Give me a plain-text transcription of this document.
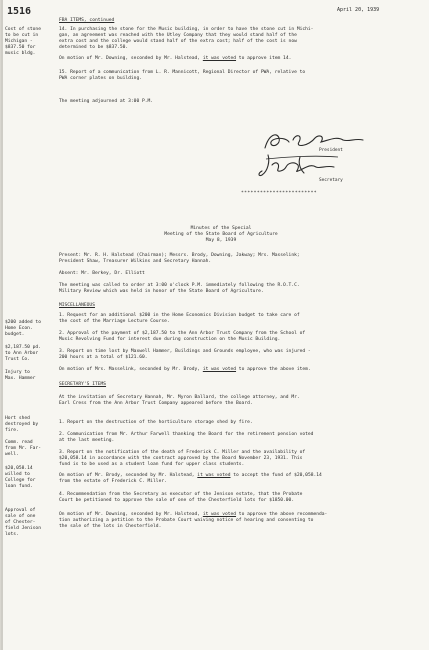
1516	April 20, 1939
FBA ITEMS, continued
Cost of stone
to be cut in
Michigan -
$837.50 for
music bldg.
14. In purchasing the stone for the Music building, in order to have the stone cut in Michi-
gan, an agreement was reached with the Utley Company that they would stand half of the
extra cost and the college would stand half of the extra cost; half of the cost is now
determined to be $837.50.
On motion of Mr. Downing, seconded by Mr. Halstead, it was voted to approve item 14.
15. Report of a communication from L. R. Mannicott, Regional Director of PWA, relative to
PWA corner plates on building.
The meeting adjourned at 3:00 P.M.
President
Secretary
************************
Minutes of the Special
Meeting of the State Board of Agriculture
May 8, 1939
Present: Mr. R. H. Halstead (Chairman); Messrs. Brody, Downing, Jakway; Mrs. Masselink;
President Shaw, Treasurer Wilkins and Secretary Hannah.
Absent: Mr. Berkey, Dr. Elliott
The meeting was called to order at 3:00 o'clock P.M. immediately following the R.O.T.C.
Military Review which was held in honor of the State Board of Agriculture.
MISCELLANEOUS
$200 added to
Home Econ.
budget.
$2,187.50 pd.
to Ann Arbor
Trust Co.
Injury to
Max. Hammer
1. Request for an additional $200 in the Home Economics Division budget to take care of
the cost of the Marriage Lecture Course.

2. Approval of the payment of $2,187.50 to the Ann Arbor Trust Company from the School of
Music Revolving Fund for interest due during construction on the Music Building.

3. Report on time lost by Maxwell Hammer, Buildings and Grounds employee, who was injured -
200 hours at a total of $121.60.
On motion of Mrs. Masselink, seconded by Mr. Brody, it was voted to approve the above item.
SECRETARY'S ITEMS
At the invitation of Secretary Hannah, Mr. Myron Ballard, the college attorney, and Mr.
Earl Cress from the Ann Arbor Trust Company appeared before the Board.
Hort shed
destroyed by
fire.
Comm. read
from Mr. Far-
well.
$20,058.14
willed to
College for
loan fund.
Approval of
sale of one
of Chester-
field Jenison
lots.
1. Report on the destruction of the horticulture storage shed by fire.

2. Communication from Mr. Arthur Farwell thanking the Board for the retirement pension voted
at the last meeting.

3. Report on the notification of the death of Frederick C. Miller and the availability of
$20,058.14 in accordance with the contract approved by the Board November 23, 1931. This
fund is to be used as a student loan fund for upper class students.
On motion of Mr. Brody, seconded by Mr. Halstead, it was voted to accept the fund of $20,058.14
from the estate of Frederick C. Miller.
4. Recommendation from the Secretary as executor of the Jenison estate, that the Probate
Court be petitioned to approve the sale of one of the Chesterfield lots for $1850.00.
On motion of Mr. Downing, seconded by Mr. Halstead, it was voted to approve the above recommenda-
tion authorizing a petition to the Probate Court waiving notice of hearing and consenting to
the sale of the lots in Chesterfield.
